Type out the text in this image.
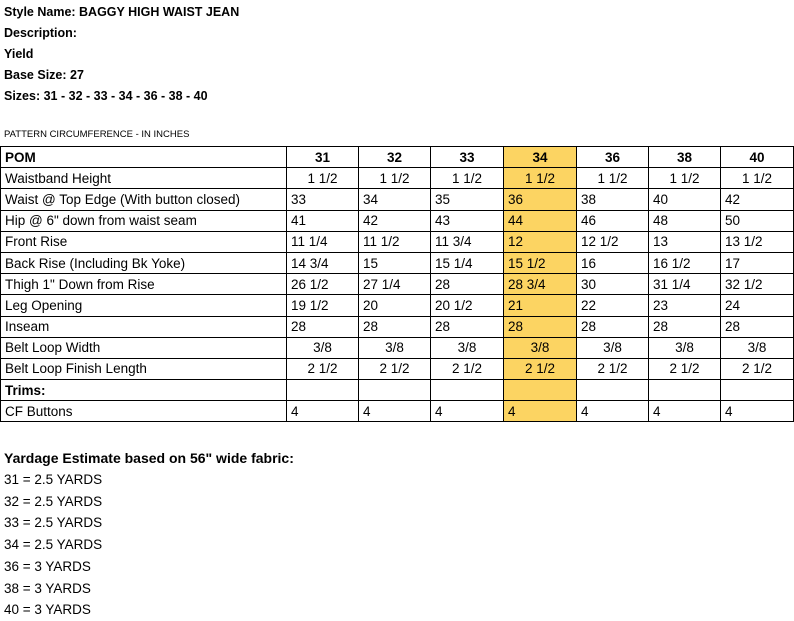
Style Name: BAGGY HIGH WAIST JEAN
Description:
Yield
Base Size: 27
Sizes: 31 - 32 - 33 - 34 - 36 - 38 - 40
PATTERN CIRCUMFERENCE - IN INCHES
POM	31	32	33	34	36	38	40
Waistband Height	1 1/2	1 1/2	1 1/2	1 1/2	1 1/2	1 1/2	1 1/2
Waist @ Top Edge (With button closed)	33	34	35	36	38	40	42
Hip @ 6" down from waist seam	41	42	43	44	46	48	50
Front Rise	11 1/4	11 1/2	11 3/4	12	12 1/2	13	13 1/2
Back Rise (Including Bk Yoke)	14 3/4	15	15 1/4	15 1/2	16	16 1/2	17
Thigh 1" Down from Rise	26 1/2	27 1/4	28	28 3/4	30	31 1/4	32 1/2
Leg Opening	19 1/2	20	20 1/2	21	22	23	24
Inseam	28	28	28	28	28	28	28
Belt Loop Width	3/8	3/8	3/8	3/8	3/8	3/8	3/8
Belt Loop Finish Length	2 1/2	2 1/2	2 1/2	2 1/2	2 1/2	2 1/2	2 1/2
Trims:							
CF Buttons	4	4	4	4	4	4	4
Yardage Estimate based on 56" wide fabric:
31 = 2.5 YARDS
32 = 2.5 YARDS
33 = 2.5 YARDS
34 = 2.5 YARDS
36 = 3 YARDS
38 = 3 YARDS
40 = 3 YARDS
